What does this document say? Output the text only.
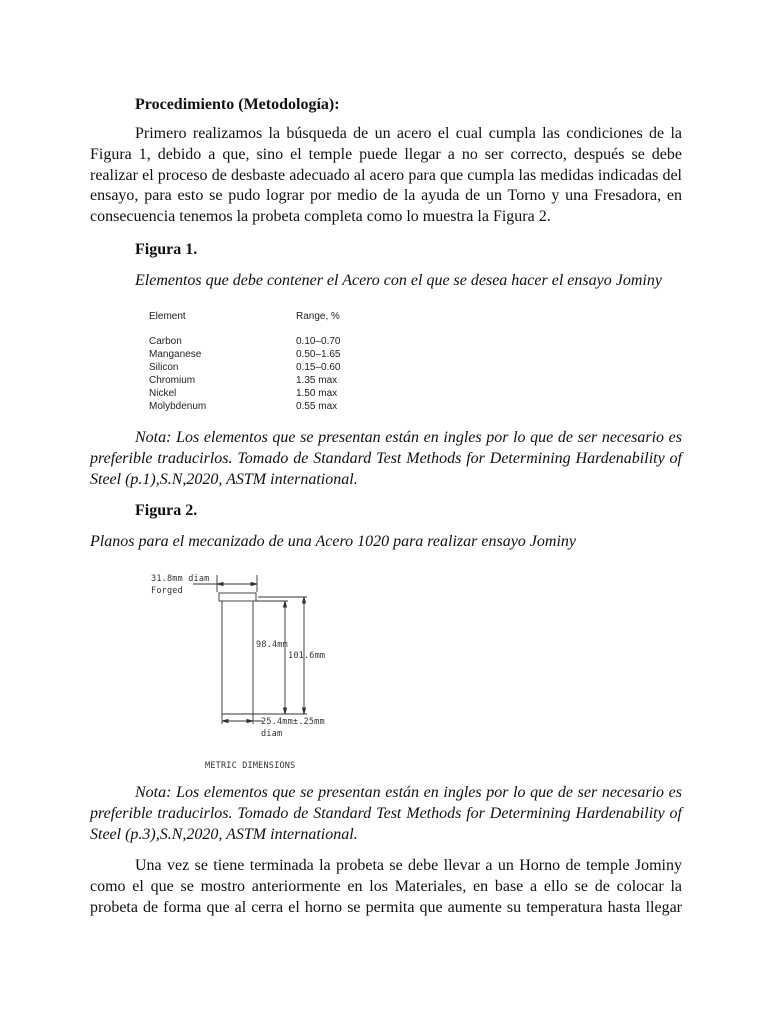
Procedimiento (Metodología):

Primero realizamos la búsqueda de un acero el cual cumpla las condiciones de la Figura 1, debido a que, sino el temple puede llegar a no ser correcto, después se debe realizar el proceso de desbaste adecuado al acero para que cumpla las medidas indicadas del ensayo, para esto se pudo lograr por medio de la ayuda de un Torno y una Fresadora, en consecuencia tenemos la probeta completa como lo muestra la Figura 2.

Figura 1.
Elementos que debe contener el Acero con el que se desea hacer el ensayo Jominy
Element	Range, %
Carbon	0.10–0.70
Manganese	0.50–1.65
Silicon	0.15–0.60
Chromium	1.35 max
Nickel	1.50 max
Molybdenum	0.55 max

Nota: Los elementos que se presentan están en ingles por lo que de ser necesario es preferible traducirlos. Tomado de Standard Test Methods for Determining Hardenability of Steel (p.1),S.N,2020, ASTM international.

Figura 2.
Planos para el mecanizado de una Acero 1020 para realizar ensayo Jominy
31.8mm diam
Forged
98.4mm
101.6mm
25.4mm±.25mm
diam
METRIC DIMENSIONS

Nota: Los elementos que se presentan están en ingles por lo que de ser necesario es preferible traducirlos. Tomado de Standard Test Methods for Determining Hardenability of Steel (p.3),S.N,2020, ASTM international.

Una vez se tiene terminada la probeta se debe llevar a un Horno de temple Jominy como el que se mostro anteriormente en los Materiales, en base a ello se de colocar la probeta de forma que al cerra el horno se permita que aumente su temperatura hasta llegar
